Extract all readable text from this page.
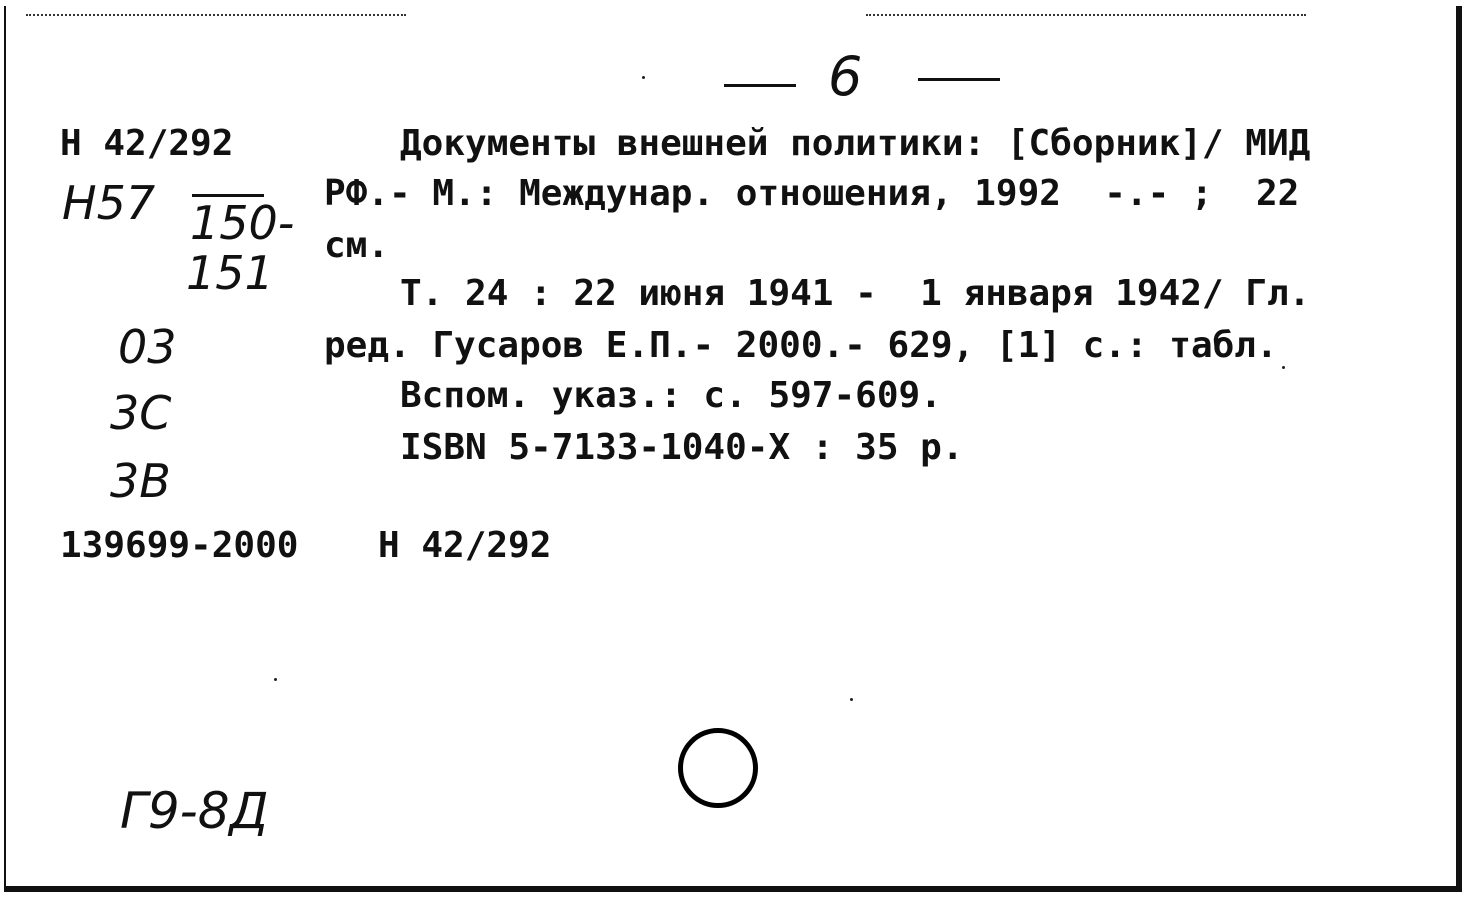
6
H 42/292
H57 150-
151
03
3C
3B
Документы внешней политики: [Сборник]/ МИД
РФ.- М.: Междунар. отношения, 1992  -.- ;  22
см.
Т. 24 : 22 июня 1941 -  1 января 1942/ Гл.
ред. Гусаров Е.П.- 2000.- 629, [1] с.: табл.
Вспом. указ.: с. 597-609.
ISBN 5-7133-1040-X : 35 р.
139699-2000 H 42/292
Г9-8Д
